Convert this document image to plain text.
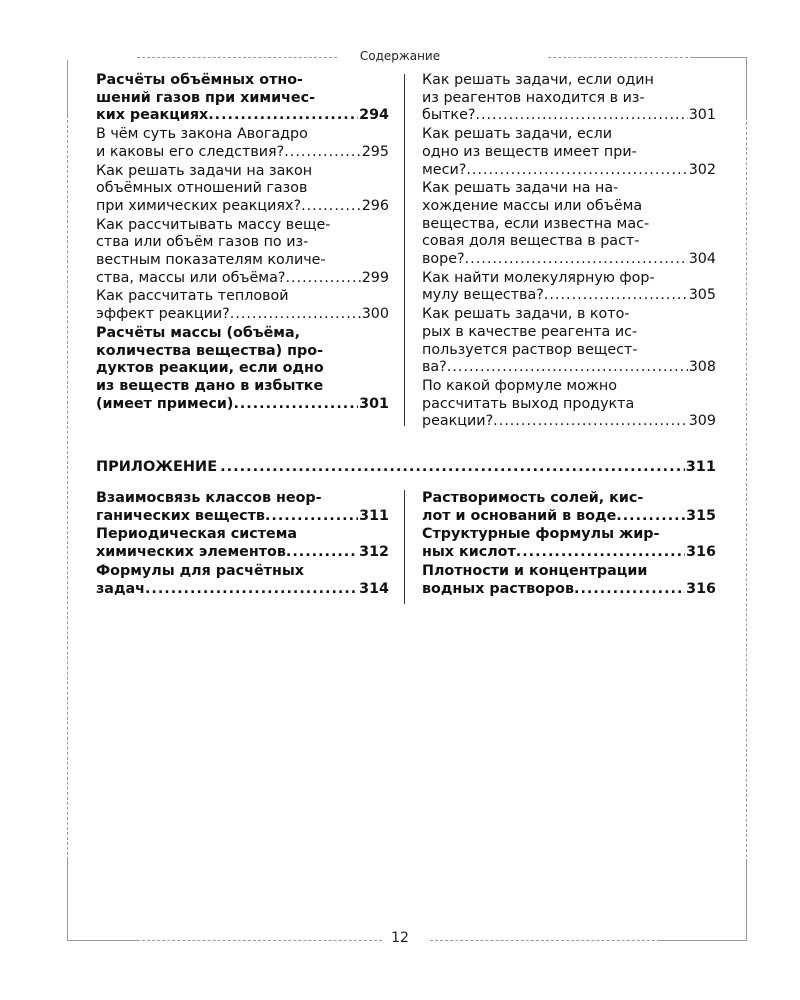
Содержание
12
Расчёты объёмных отно-
шений газов при химичес-
ких реакциях .....	294
В чём суть закона Авогадро
и каковы его следствия? .....	295
Как решать задачи на закон
объёмных отношений газов
при химических реакциях? .....	296
Как рассчитывать массу веще-
ства или объём газов по из-
вестным показателям количе-
ства, массы или объёма? .....	299
Как рассчитать тепловой
эффект реакции? .....	300
Расчёты массы (объёма,
количества вещества) про-
дуктов реакции, если одно
из веществ дано в избытке
(имеет примеси) .....	301
Как решать задачи, если один
из реагентов находится в из-
бытке? .....	301
Как решать задачи, если
одно из веществ имеет при-
меси? .....	302
Как решать задачи на на-
хождение массы или объёма
вещества, если известна мас-
совая доля вещества в раст-
воре? .....	304
Как найти молекулярную фор-
мулу вещества? .....	305
Как решать задачи, в кото-
рых в качестве реагента ис-
пользуется раствор вещест-
ва? .....	308
По какой формуле можно
рассчитать выход продукта
реакции? .....	309
ПРИЛОЖЕНИЕ .....	311
Взаимосвязь классов неор-
ганических веществ .....	311
Периодическая система
химических элементов .....	312
Формулы для расчётных
задач .....	314
Растворимость солей, кис-
лот и оснований в воде .....	315
Структурные формулы жир-
ных кислот .....	316
Плотности и концентрации
водных растворов .....	316
